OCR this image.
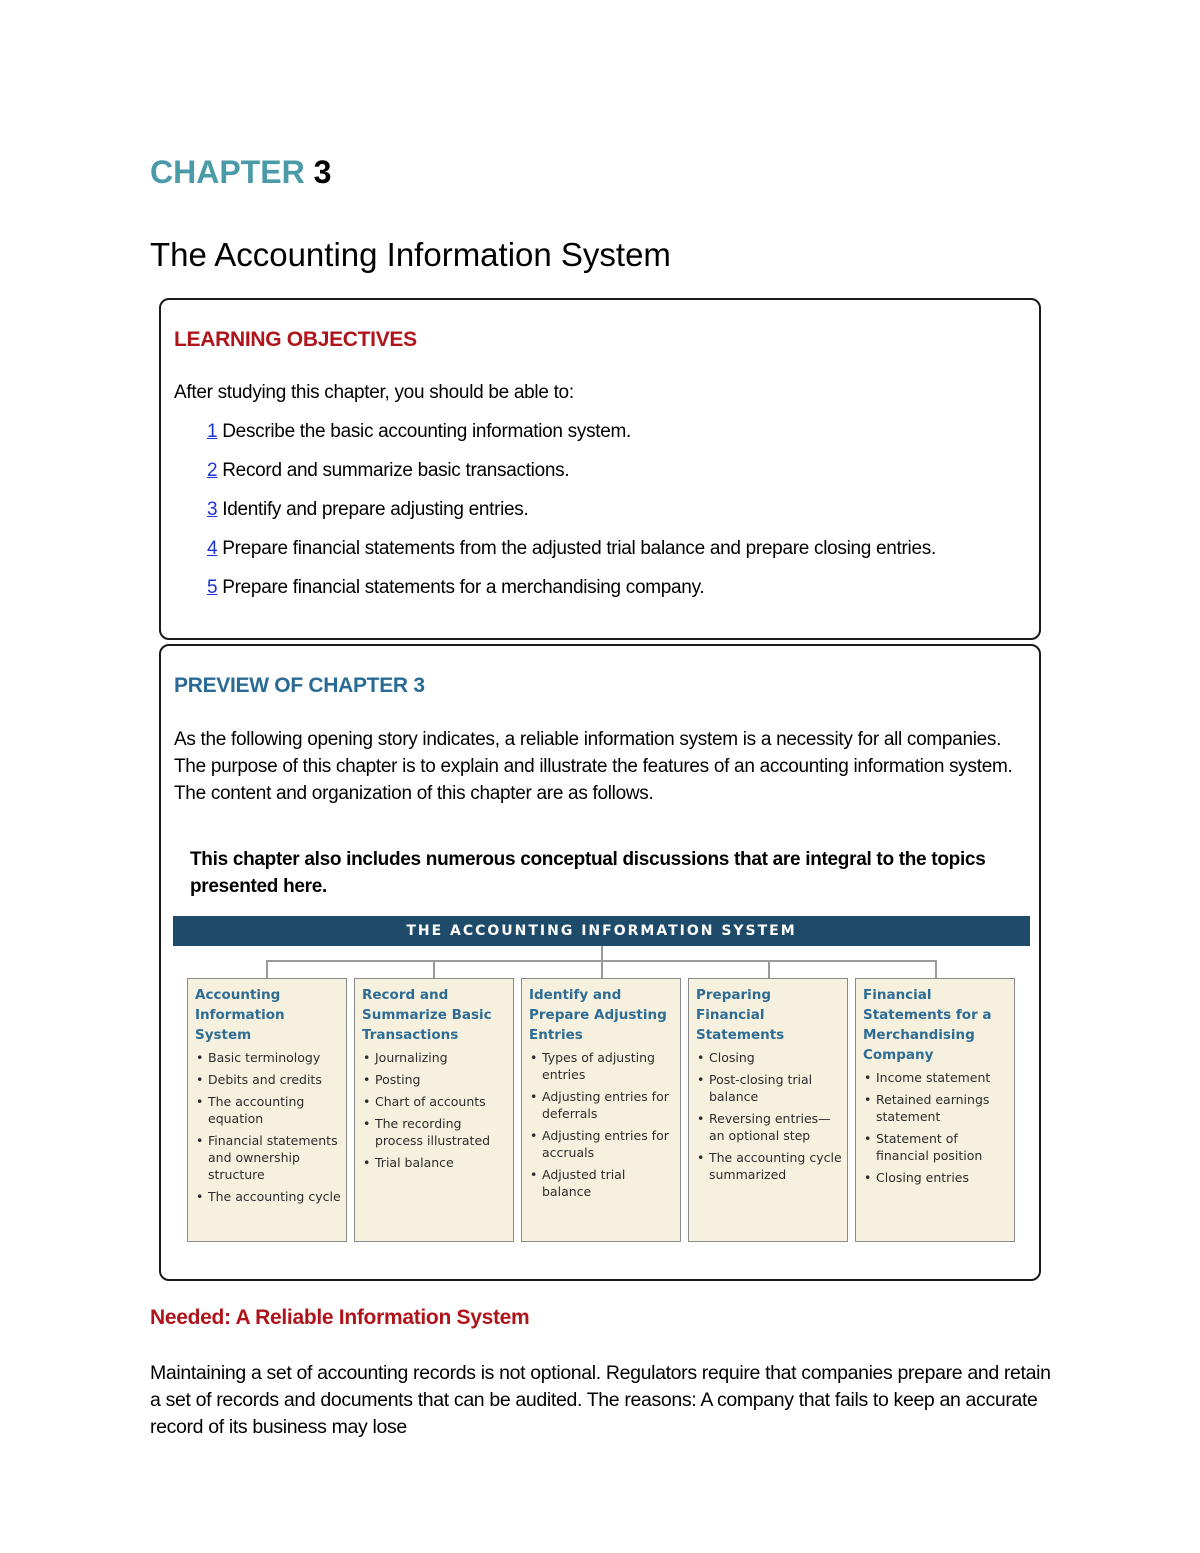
CHAPTER 3
The Accounting Information System
LEARNING OBJECTIVES

After studying this chapter, you should be able to:

1 Describe the basic accounting information system.
2 Record and summarize basic transactions.
3 Identify and prepare adjusting entries.
4 Prepare financial statements from the adjusted trial balance and prepare closing entries.
5 Prepare financial statements for a merchandising company.
PREVIEW OF CHAPTER 3

As the following opening story indicates, a reliable information system is a necessity for all companies. The purpose of this chapter is to explain and illustrate the features of an accounting information system. The content and organization of this chapter are as follows.

This chapter also includes numerous conceptual discussions that are integral to the topics presented here.

THE ACCOUNTING INFORMATION SYSTEM

Accounting Information System

• Basic terminology
• Debits and credits
• The accounting equation
• Financial statements and ownership structure
• The accounting cycle

Record and Summarize Basic Transactions

• Journalizing
• Posting
• Chart of accounts
• The recording process illustrated
• Trial balance

Identify and Prepare Adjusting Entries

• Types of adjusting entries
• Adjusting entries for deferrals
• Adjusting entries for accruals
• Adjusted trial balance

Preparing Financial Statements

• Closing
• Post-closing trial balance
• Reversing entries—an optional step
• The accounting cycle summarized

Financial Statements for a Merchandising Company

• Income statement
• Retained earnings statement
• Statement of financial position
• Closing entries
Needed: A Reliable Information System

Maintaining a set of accounting records is not optional. Regulators require that companies prepare and retain a set of records and documents that can be audited. The reasons: A company that fails to keep an accurate record of its business may lose
